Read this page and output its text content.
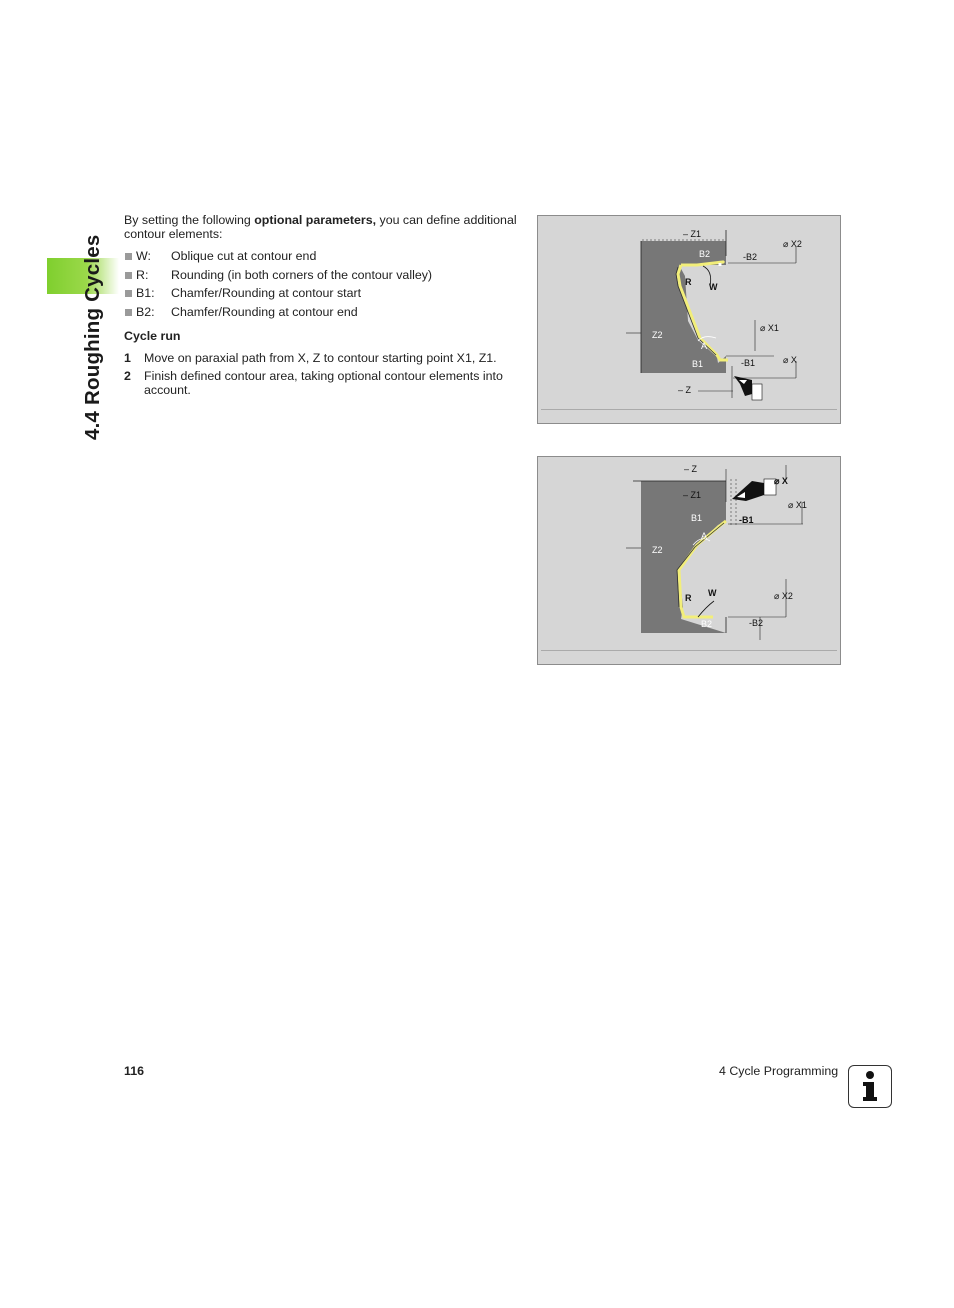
4.4 Roughing Cycles
By setting the following optional parameters, you can define additional contour elements:
W: Oblique cut at contour end
R: Rounding (in both corners of the contour valley)
B1: Chamfer/Rounding at contour start
B2: Chamfer/Rounding at contour end
Cycle run
1 Move on paraxial path from X, Z to contour starting point X1, Z1.
2 Finish defined contour area, taking optional contour elements into account.
– Z1
⌀ X2
B2	-B2
R W
Z2
⌀ X1
A
B1	-B1	⌀ X
– Z
– Z
⌀ X
– Z1
⌀ X1
B1	-B1
A
Z2
W
R	⌀ X2
B2	-B2
116	4 Cycle Programming
